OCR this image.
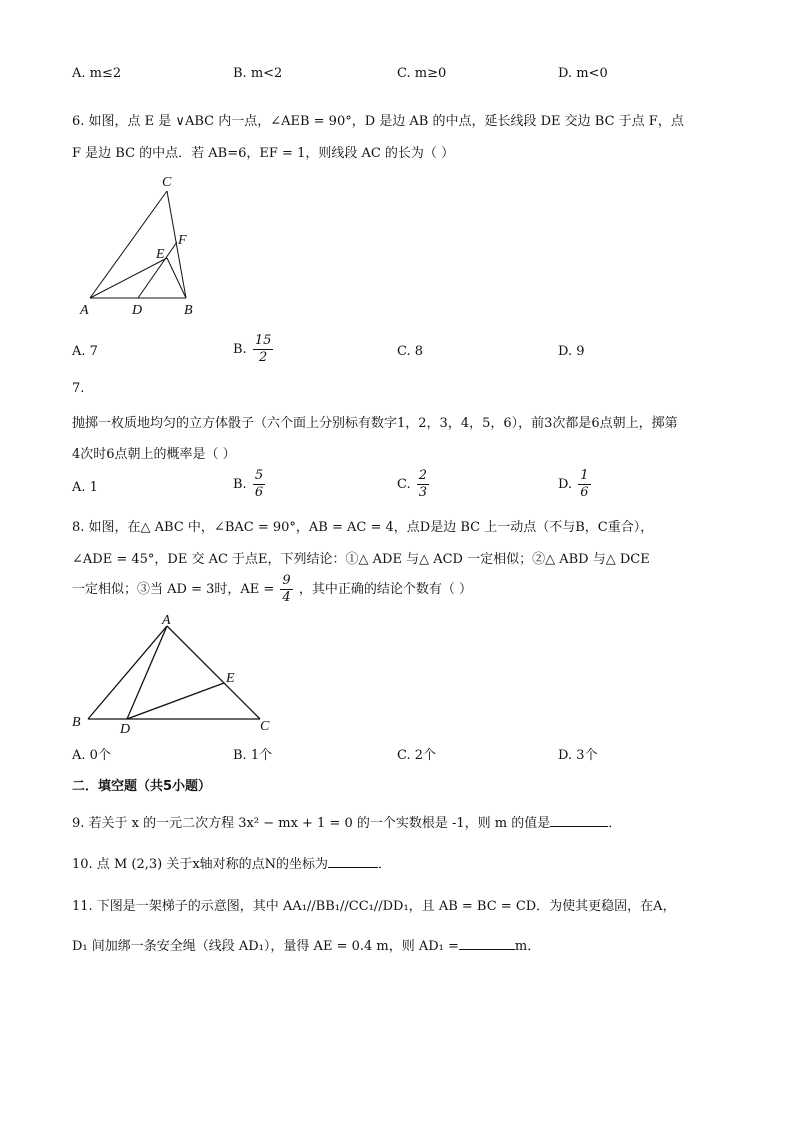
A. m≤2	B. m<2	C. m≥0	D. m<0
6. 如图，点 E 是 ∨ABC 内一点，∠AEB = 90°，D 是边 AB 的中点，延长线段 DE 交边 BC 于点 F，点
F 是边 BC 的中点．若 AB=6，EF = 1，则线段 AC 的长为（ ）
C
F
E
A	D	B
A. 7	B. $\frac{15}{2}$	C. 8	D. 9
7.
抛掷一枚质地均匀的立方体骰子（六个面上分别标有数字1，2，3，4，5，6），前3次都是6点朝上，掷第
4次时6点朝上的概率是（ ）
A. 1	B. $\frac{5}{6}$	C. $\frac{2}{3}$	D. $\frac{1}{6}$
8. 如图，在△ ABC 中，∠BAC = 90°，AB = AC = 4，点D是边 BC 上一动点（不与B，C重合），
∠ADE = 45°，DE 交 AC 于点E，下列结论：①△ ADE 与△ ACD 一定相似；②△ ABD 与△ DCE
一定相似；③当 AD = 3时，AE = $\frac{9}{4}$ ，其中正确的结论个数有（ ）
A
B	C
D
E
A. 0个	B. 1个	C. 2个	D. 3个
二．填空题（共5小题）
9. 若关于 x 的一元二次方程 3x² − mx + 1 = 0 的一个实数根是 -1，则 m 的值是	．
10. 点 M (2,3) 关于x轴对称的点N的坐标为	．
11. 下图是一架梯子的示意图，其中 AA₁//BB₁//CC₁//DD₁，且 AB = BC = CD．为使其更稳固，在A，
D₁ 间加绑一条安全绳（线段 AD₁），量得 AE = 0.4 m，则 AD₁ =	m．
